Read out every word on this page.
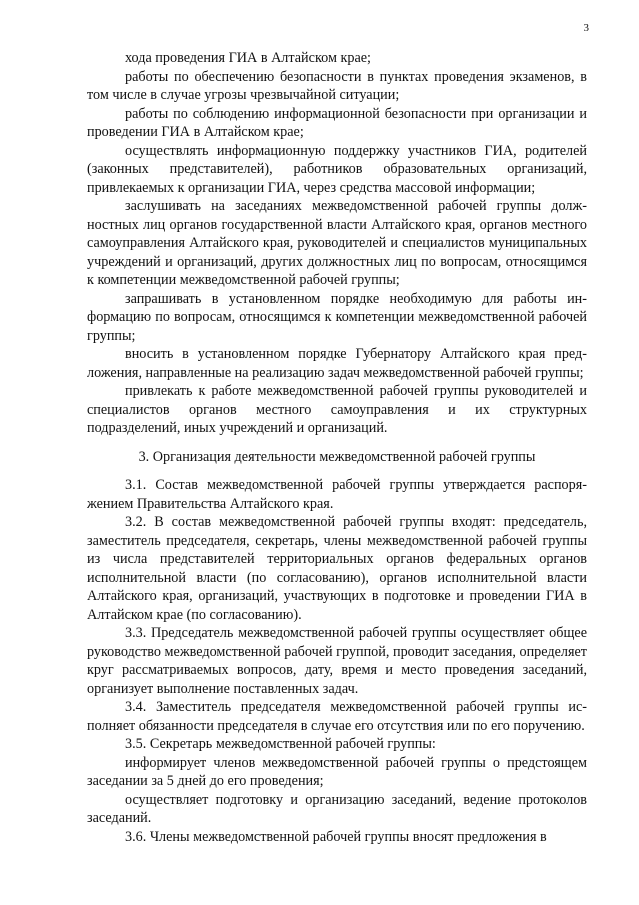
3

хода проведения ГИА в Алтайском крае;

работы по обеспечению безопасности в пунктах проведения экзаменов, в том числе в случае угрозы чрезвычайной ситуации;

работы по соблюдению информационной безопасности при организации и проведении ГИА в Алтайском крае;

осуществлять информационную поддержку участников ГИА, родителей (законных представителей), работников образовательных организаций, привлекаемых к организации ГИА, через средства массовой информации;

заслушивать на заседаниях межведомственной рабочей группы должностных лиц органов государственной власти Алтайского края, органов местного самоуправления Алтайского края, руководителей и специалистов муниципальных учреждений и организаций, других должностных лиц по вопросам, относящимся к компетенции межведомственной рабочей группы;

запрашивать в установленном порядке необходимую для работы информацию по вопросам, относящимся к компетенции межведомственной рабочей группы;

вносить в установленном порядке Губернатору Алтайского края предложения, направленные на реализацию задач межведомственной рабочей группы;

привлекать к работе межведомственной рабочей группы руководителей и специалистов органов местного самоуправления и их структурных подразделений, иных учреждений и организаций.

3. Организация деятельности межведомственной рабочей группы

3.1. Состав межведомственной рабочей группы утверждается распоряжением Правительства Алтайского края.

3.2. В состав межведомственной рабочей группы входят: председатель, заместитель председателя, секретарь, члены межведомственной рабочей группы из числа представителей территориальных органов федеральных органов исполнительной власти (по согласованию), органов исполнительной власти Алтайского края, организаций, участвующих в подготовке и проведении ГИА в Алтайском крае (по согласованию).

3.3. Председатель межведомственной рабочей группы осуществляет общее руководство межведомственной рабочей группой, проводит заседания, определяет круг рассматриваемых вопросов, дату, время и место проведения заседаний, организует выполнение поставленных задач.

3.4. Заместитель председателя межведомственной рабочей группы исполняет обязанности председателя в случае его отсутствия или по его поручению.

3.5. Секретарь межведомственной рабочей группы:

информирует членов межведомственной рабочей группы о предстоящем заседании за 5 дней до его проведения;

осуществляет подготовку и организацию заседаний, ведение протоколов заседаний.

3.6. Члены межведомственной рабочей группы вносят предложения в
